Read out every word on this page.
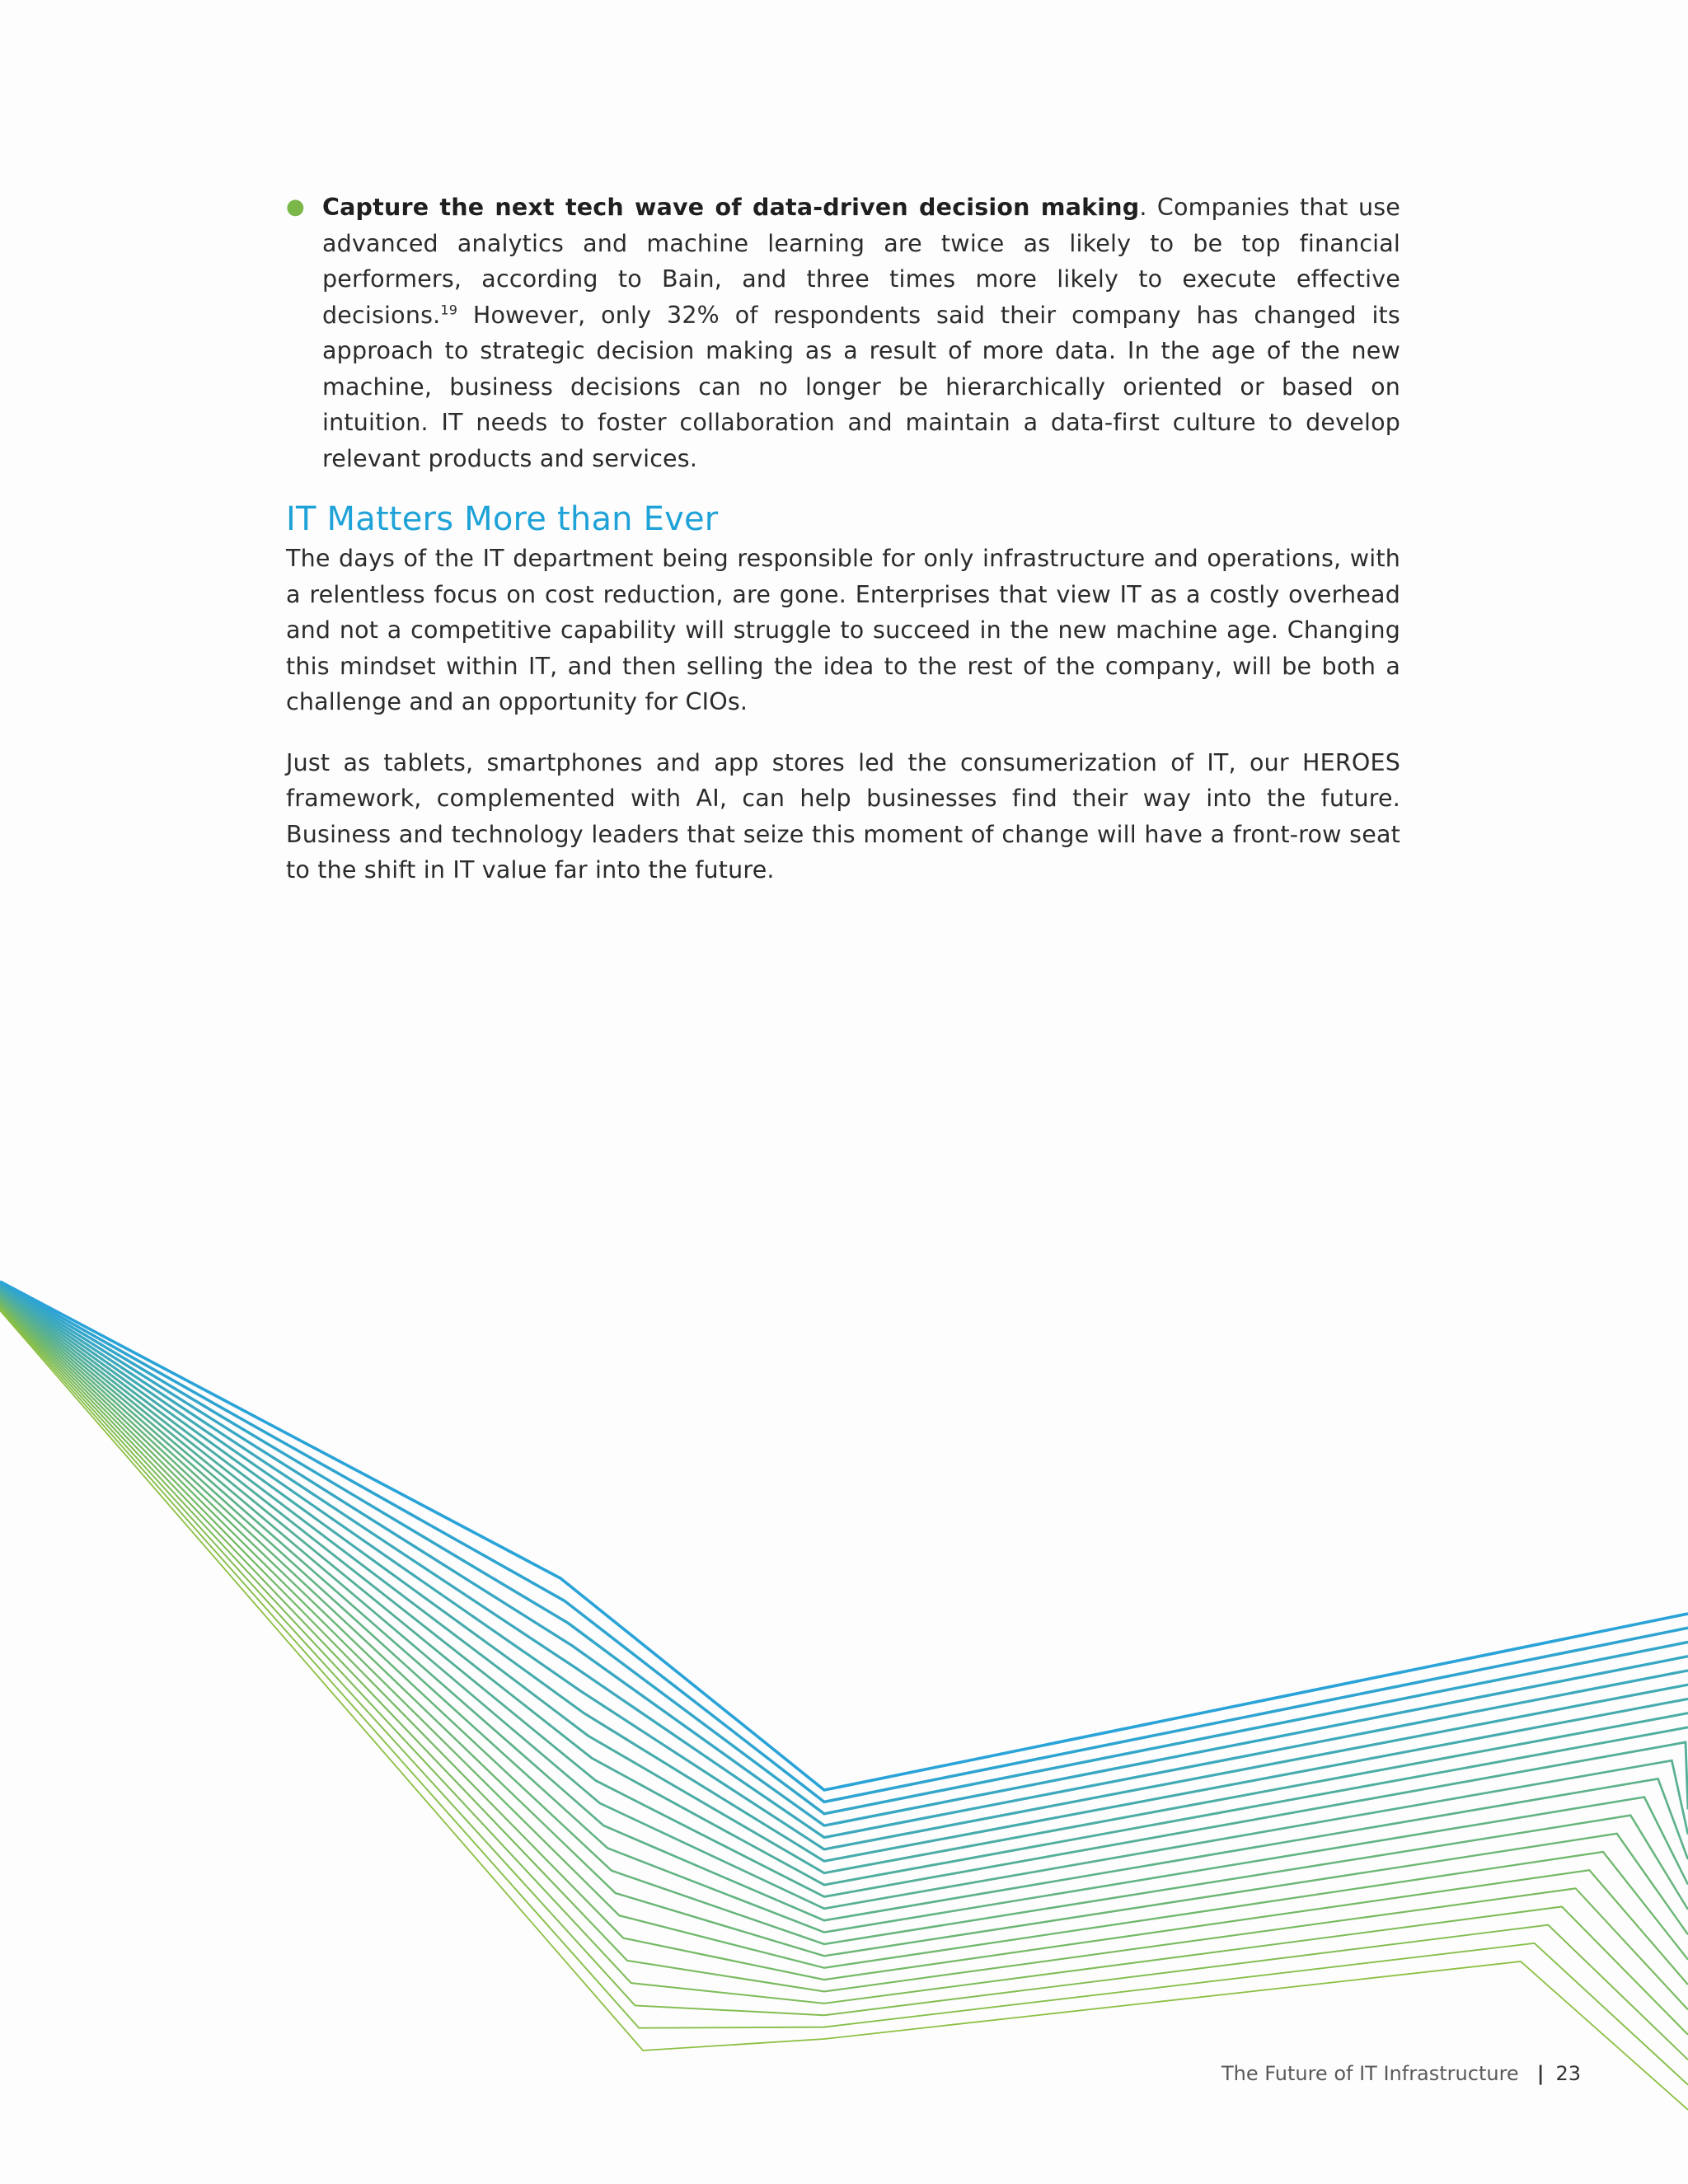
● Capture the next tech wave of data-driven decision making. Companies that use advanced analytics and machine learning are twice as likely to be top financial performers, according to Bain, and three times more likely to execute effective decisions.$^{19}$ However, only 32% of respondents said their company has changed its approach to strategic decision making as a result of more data. In the age of the new machine, business decisions can no longer be hierarchically oriented or based on intuition. IT needs to foster collaboration and maintain a data-first culture to develop relevant products and services.
IT Matters More than Ever

The days of the IT department being responsible for only infrastructure and operations, with a relentless focus on cost reduction, are gone. Enterprises that view IT as a costly overhead and not a competitive capability will struggle to succeed in the new machine age. Changing this mindset within IT, and then selling the idea to the rest of the company, will be both a challenge and an opportunity for CIOs.

Just as tablets, smartphones and app stores led the consumerization of IT, our HEROES framework, complemented with AI, can help businesses find their way into the future. Business and technology leaders that seize this moment of change will have a front-row seat to the shift in IT value far into the future.

The Future of IT Infrastructure | 23
